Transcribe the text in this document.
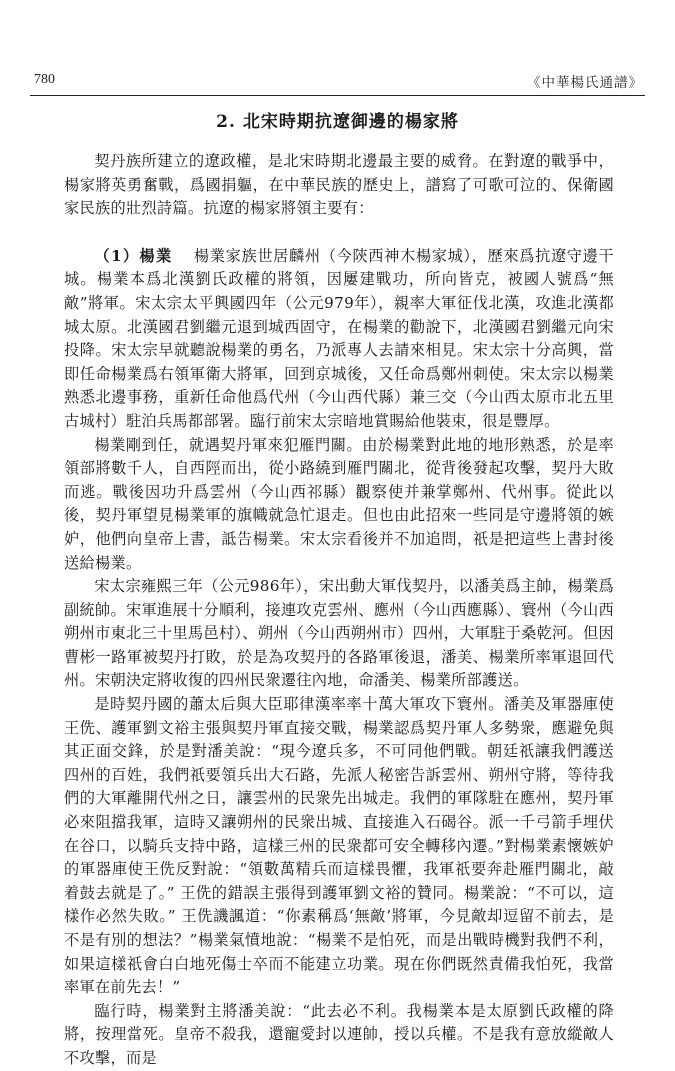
780	《中華楊氏通譜》
2. 北宋時期抗遼御邊的楊家將

契丹族所建立的遼政權，是北宋時期北邊最主要的威脅。在對遼的戰爭中，楊家將英勇奮戰，爲國捐軀，在中華民族的歷史上，譜寫了可歌可泣的、保衛國家民族的壯烈詩篇。抗遼的楊家將領主要有：

（1）楊業　 楊業家族世居麟州（今陝西神木楊家城），歷來爲抗遼守邊干城。楊業本爲北漢劉氏政權的將領，因屢建戰功，所向皆克，被國人號爲“無敵”將軍。宋太宗太平興國四年（公元979年），親率大軍征伐北漢，攻進北漢都城太原。北漢國君劉繼元退到城西固守，在楊業的勸說下，北漢國君劉繼元向宋投降。宋太宗早就聽說楊業的勇名，乃派專人去請來相見。宋太宗十分高興，當即任命楊業爲右領軍衛大將軍，回到京城後，又任命爲鄭州刺使。宋太宗以楊業熟悉北邊事務，重新任命他爲代州（今山西代縣）兼三交（今山西太原市北五里古城村）駐泊兵馬都部署。臨行前宋太宗暗地賞賜給他裝束，很是豐厚。

楊業剛到任，就遇契丹軍來犯雁門關。由於楊業對此地的地形熟悉，於是率領部將數千人，自西陘而出，從小路繞到雁門關北，從背後發起攻擊，契丹大敗而逃。戰後因功升爲雲州（今山西祁縣）觀察使并兼掌鄭州、代州事。從此以後，契丹軍望見楊業軍的旗幟就急忙退走。但也由此招來一些同是守邊將領的嫉妒，他們向皇帝上書，詆告楊業。宋太宗看後并不加追問，祇是把這些上書封後送給楊業。

宋太宗雍熙三年（公元986年），宋出動大軍伐契丹，以潘美爲主帥，楊業爲副統帥。宋軍進展十分順利，接連攻克雲州、應州（今山西應縣）、寰州（今山西朔州市東北三十里馬邑村）、朔州（今山西朔州市）四州，大軍駐于桑乾河。但因曹彬一路軍被契丹打敗，於是為攻契丹的各路軍後退，潘美、楊業所率軍退回代州。宋朝決定將收復的四州民衆遷往內地，命潘美、楊業所部護送。

是時契丹國的蕭太后與大臣耶律漢率率十萬大軍攻下寰州。潘美及軍器庫使王侁、護軍劉文裕主張與契丹軍直接交戰，楊業認爲契丹軍人多勢衆，應避免與其正面交鋒，於是對潘美說：“現今遼兵多，不可同他們戰。朝廷祇讓我們護送四州的百姓，我們祇要領兵出大石路，先派人秘密告訴雲州、朔州守將，等待我們的大軍離開代州之日，讓雲州的民衆先出城走。我們的軍隊駐在應州，契丹軍必來阻擋我軍，這時又讓朔州的民衆出城、直接進入石碣谷。派一千弓箭手埋伏在谷口，以騎兵支持中路，這樣三州的民衆都可安全轉移內遷。”對楊業素懷嫉妒的軍器庫使王侁反對說：“領數萬精兵而這樣畏懼，我軍祇要奔赴雁門關北，敲着鼓去就是了。” 王侁的錯誤主張得到護軍劉文裕的贊同。楊業說：“不可以，這樣作必然失敗。” 王侁譏諷道：“你素稱爲‘無敵’將軍，今見敵却逗留不前去，是不是有別的想法？”楊業氣憤地說：“楊業不是怕死，而是出戰時機對我們不利，如果這樣祇會白白地死傷士卒而不能建立功業。現在你們既然責備我怕死，我當率軍在前先去！”

臨行時，楊業對主將潘美說：“此去必不利。我楊業本是太原劉氏政權的降將，按理當死。皇帝不殺我，還寵愛封以連帥，授以兵權。不是我有意放縱敵人不攻擊，而是
